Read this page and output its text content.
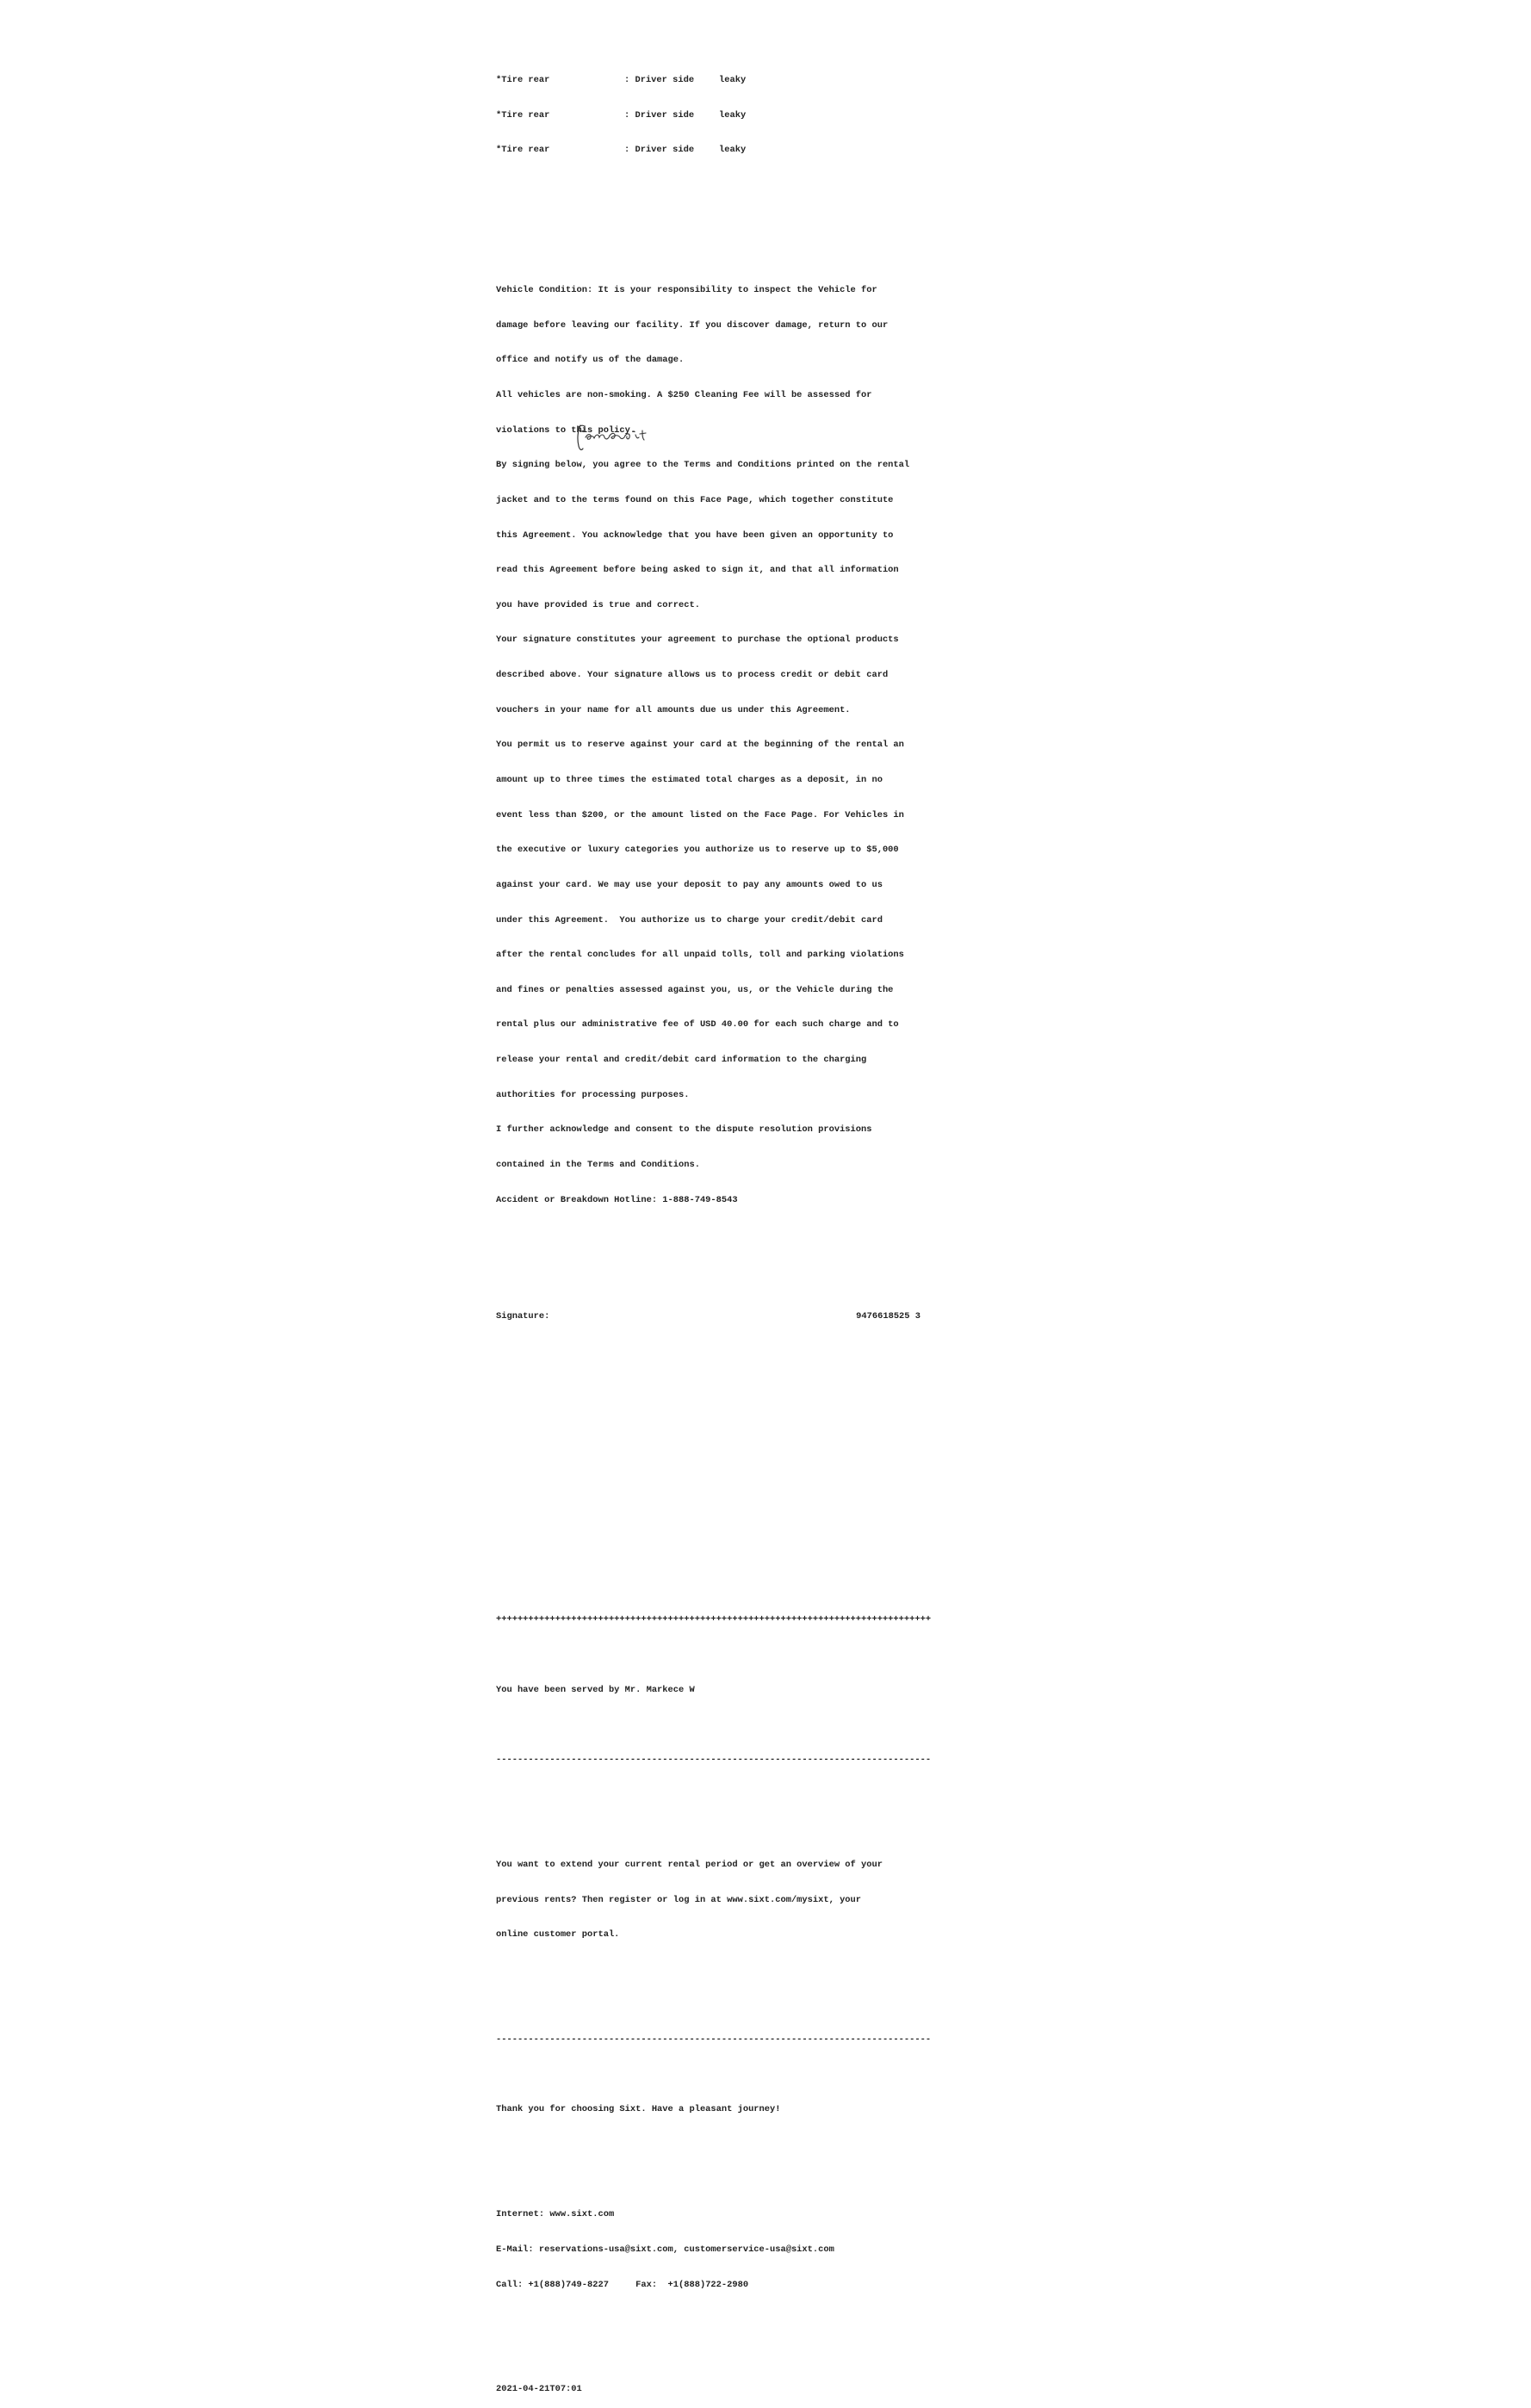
*Tire rear	: Driver side	leaky

*Tire rear	: Driver side	leaky

*Tire rear	: Driver side	leaky

Vehicle Condition: It is your responsibility to inspect the Vehicle for

damage before leaving our facility. If you discover damage, return to our

office and notify us of the damage.

All vehicles are non-smoking. A $250 Cleaning Fee will be assessed for

violations to this policy.

By signing below, you agree to the Terms and Conditions printed on the rental

jacket and to the terms found on this Face Page, which together constitute

this Agreement. You acknowledge that you have been given an opportunity to

read this Agreement before being asked to sign it, and that all information

you have provided is true and correct.

Your signature constitutes your agreement to purchase the optional products

described above. Your signature allows us to process credit or debit card

vouchers in your name for all amounts due us under this Agreement.

You permit us to reserve against your card at the beginning of the rental an

amount up to three times the estimated total charges as a deposit, in no

event less than $200, or the amount listed on the Face Page. For Vehicles in

the executive or luxury categories you authorize us to reserve up to $5,000

against your card. We may use your deposit to pay any amounts owed to us

under this Agreement.  You authorize us to charge your credit/debit card

after the rental concludes for all unpaid tolls, toll and parking violations

and fines or penalties assessed against you, us, or the Vehicle during the

rental plus our administrative fee of USD 40.00 for each such charge and to

release your rental and credit/debit card information to the charging

authorities for processing purposes.

I further acknowledge and consent to the dispute resolution provisions

contained in the Terms and Conditions.

Accident or Breakdown Hotline: 1-888-749-8543

Signature:	9476618525 3

+++++++++++++++++++++++++++++++++++++++++++++++++++++++++++++++++++++++++++++++++

You have been served by Mr. Markece W

---------------------------------------------------------------------------------

You want to extend your current rental period or get an overview of your

previous rents? Then register or log in at www.sixt.com/mysixt, your

online customer portal.

---------------------------------------------------------------------------------

Thank you for choosing Sixt. Have a pleasant journey!

Internet: www.sixt.com

E-Mail: reservations-usa@sixt.com, customerservice-usa@sixt.com

Call: +1(888)749-8227	Fax:  +1(888)722-2980

2021-04-21T07:01
